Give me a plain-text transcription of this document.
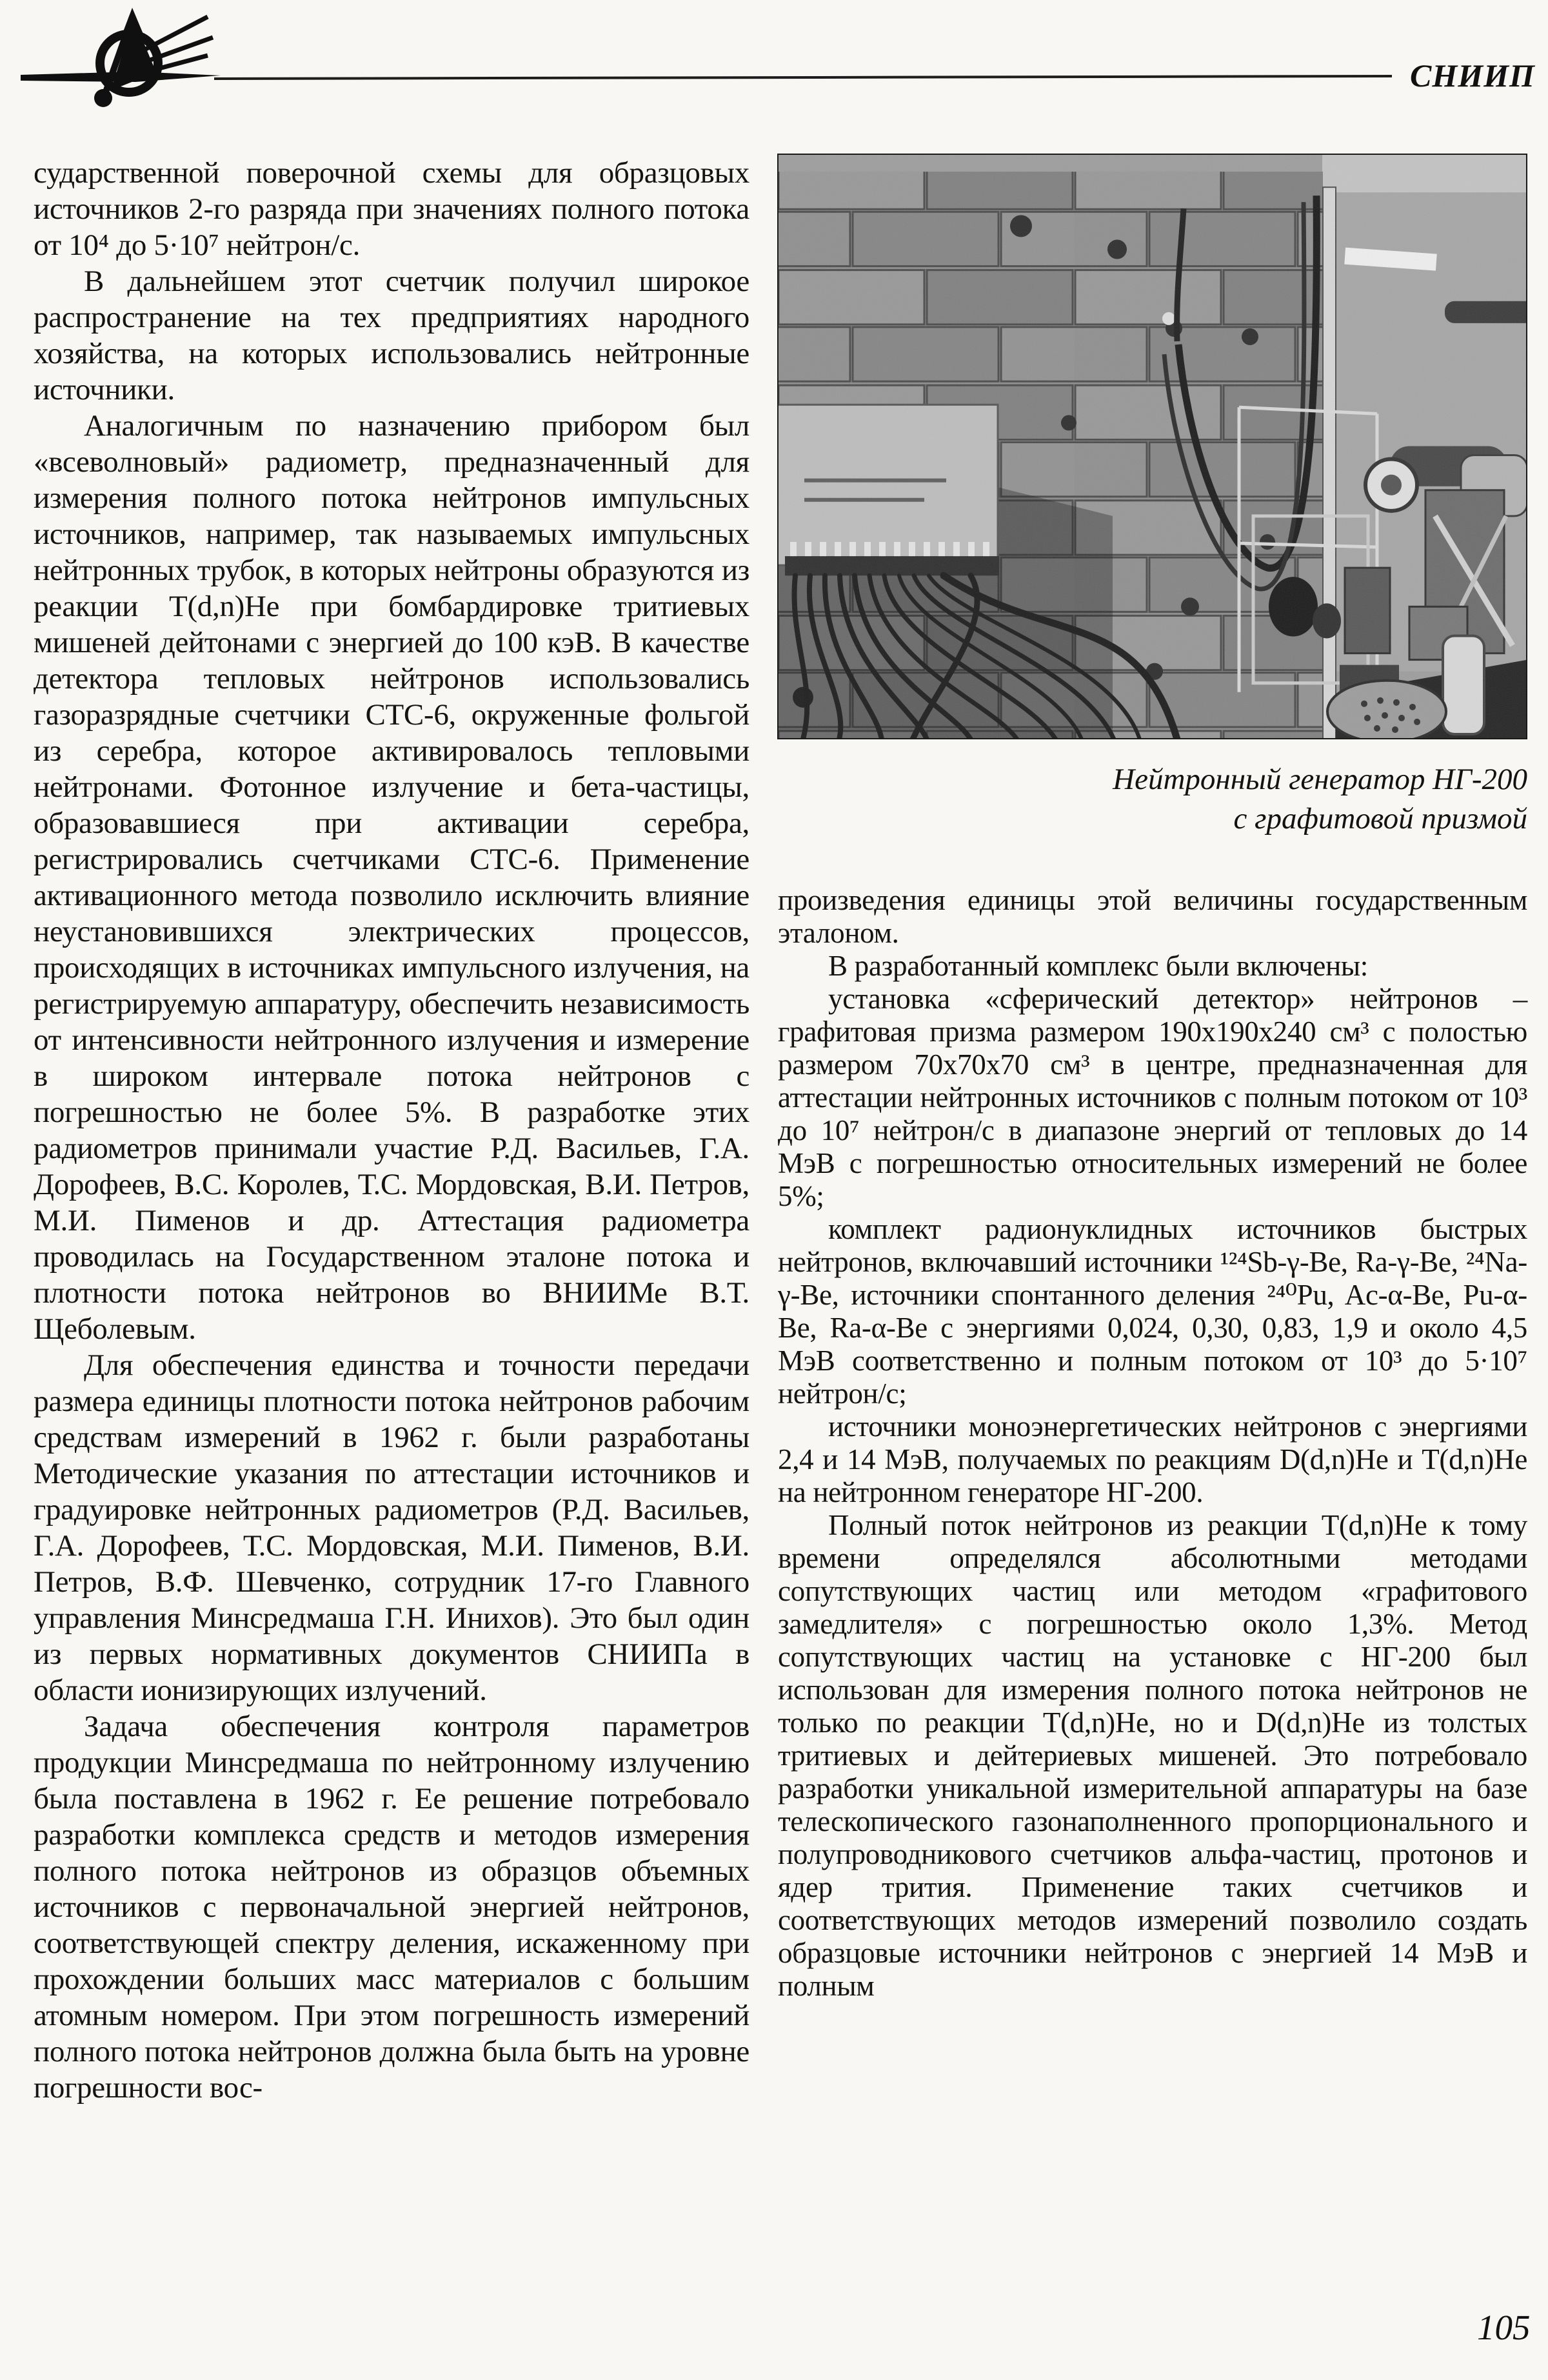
СНИИП

сударственной поверочной схемы для образцовых источников 2-го разряда при значениях полного потока от 10⁴ до 5·10⁷ нейтрон/с.

В дальнейшем этот счетчик получил широкое распространение на тех предприятиях народного хозяйства, на которых использовались нейтронные источники.

Аналогичным по назначению прибором был «всеволновый» радиометр, предназначенный для измерения полного потока нейтронов импульсных источников, например, так называемых импульсных нейтронных трубок, в которых нейтроны образуются из реакции T(d,n)He при бомбардировке тритиевых мишеней дейтонами с энергией до 100 кэВ. В качестве детектора тепловых нейтронов использовались газоразрядные счетчики СТС-6, окруженные фольгой из серебра, которое активировалось тепловыми нейтронами. Фотонное излучение и бета-частицы, образовавшиеся при активации серебра, регистрировались счетчиками СТС-6. Применение активационного метода позволило исключить влияние неустановившихся электрических процессов, происходящих в источниках импульсного излучения, на регистрируемую аппаратуру, обеспечить независимость от интенсивности нейтронного излучения и измерение в широком интервале потока нейтронов с погрешностью не более 5%. В разработке этих радиометров принимали участие Р.Д. Васильев, Г.А. Дорофеев, В.С. Королев, Т.С. Мордовская, В.И. Петров, М.И. Пименов и др. Аттестация радиометра проводилась на Государственном эталоне потока и плотности потока нейтронов во ВНИИМе В.Т. Щеболевым.

Для обеспечения единства и точности передачи размера единицы плотности потока нейтронов рабочим средствам измерений в 1962 г. были разработаны Методические указания по аттестации источников и градуировке нейтронных радиометров (Р.Д. Васильев, Г.А. Дорофеев, Т.С. Мордовская, М.И. Пименов, В.И. Петров, В.Ф. Шевченко, сотрудник 17-го Главного управления Минсредмаша Г.Н. Инихов). Это был один из первых нормативных документов СНИИПа в области ионизирующих излучений.

Задача обеспечения контроля параметров продукции Минсредмаша по нейтронному излучению была поставлена в 1962 г. Ее решение потребовало разработки комплекса средств и методов измерения полного потока нейтронов из образцов объемных источников с первоначальной энергией нейтронов, соответствующей спектру деления, искаженному при прохождении больших масс материалов с большим атомным номером. При этом погрешность измерений полного потока нейтронов должна была быть на уровне погрешности вос-

Нейтронный генератор НГ-200
с графитовой призмой

произведения единицы этой величины государственным эталоном.

В разработанный комплекс были включены:

установка «сферический детектор» нейтронов – графитовая призма размером 190x190x240 см³ с полостью размером 70x70x70 см³ в центре, предназначенная для аттестации нейтронных источников с полным потоком от 10³ до 10⁷ нейтрон/с в диапазоне энергий от тепловых до 14 МэВ с погрешностью относительных измерений не более 5%;

комплект радионуклидных источников быстрых нейтронов, включавший источники ¹²⁴Sb-γ-Be, Ra-γ-Be, ²⁴Na-γ-Be, источники спонтанного деления ²⁴⁰Pu, Ac-α-Be, Pu-α-Be, Ra-α-Be с энергиями 0,024, 0,30, 0,83, 1,9 и около 4,5 МэВ соответственно и полным потоком от 10³ до 5·10⁷ нейтрон/с;

источники моноэнергетических нейтронов с энергиями 2,4 и 14 МэВ, получаемых по реакциям D(d,n)He и T(d,n)He на нейтронном генераторе НГ-200.

Полный поток нейтронов из реакции T(d,n)He к тому времени определялся абсолютными методами сопутствующих частиц или методом «графитового замедлителя» с погрешностью около 1,3%. Метод сопутствующих частиц на установке с НГ-200 был использован для измерения полного потока нейтронов не только по реакции T(d,n)He, но и D(d,n)He из толстых тритиевых и дейтериевых мишеней. Это потребовало разработки уникальной измерительной аппаратуры на базе телескопического газонаполненного пропорционального и полупроводникового счетчиков альфа-частиц, протонов и ядер трития. Применение таких счетчиков и соответствующих методов измерений позволило создать образцовые источники нейтронов с энергией 14 МэВ и полным

105
